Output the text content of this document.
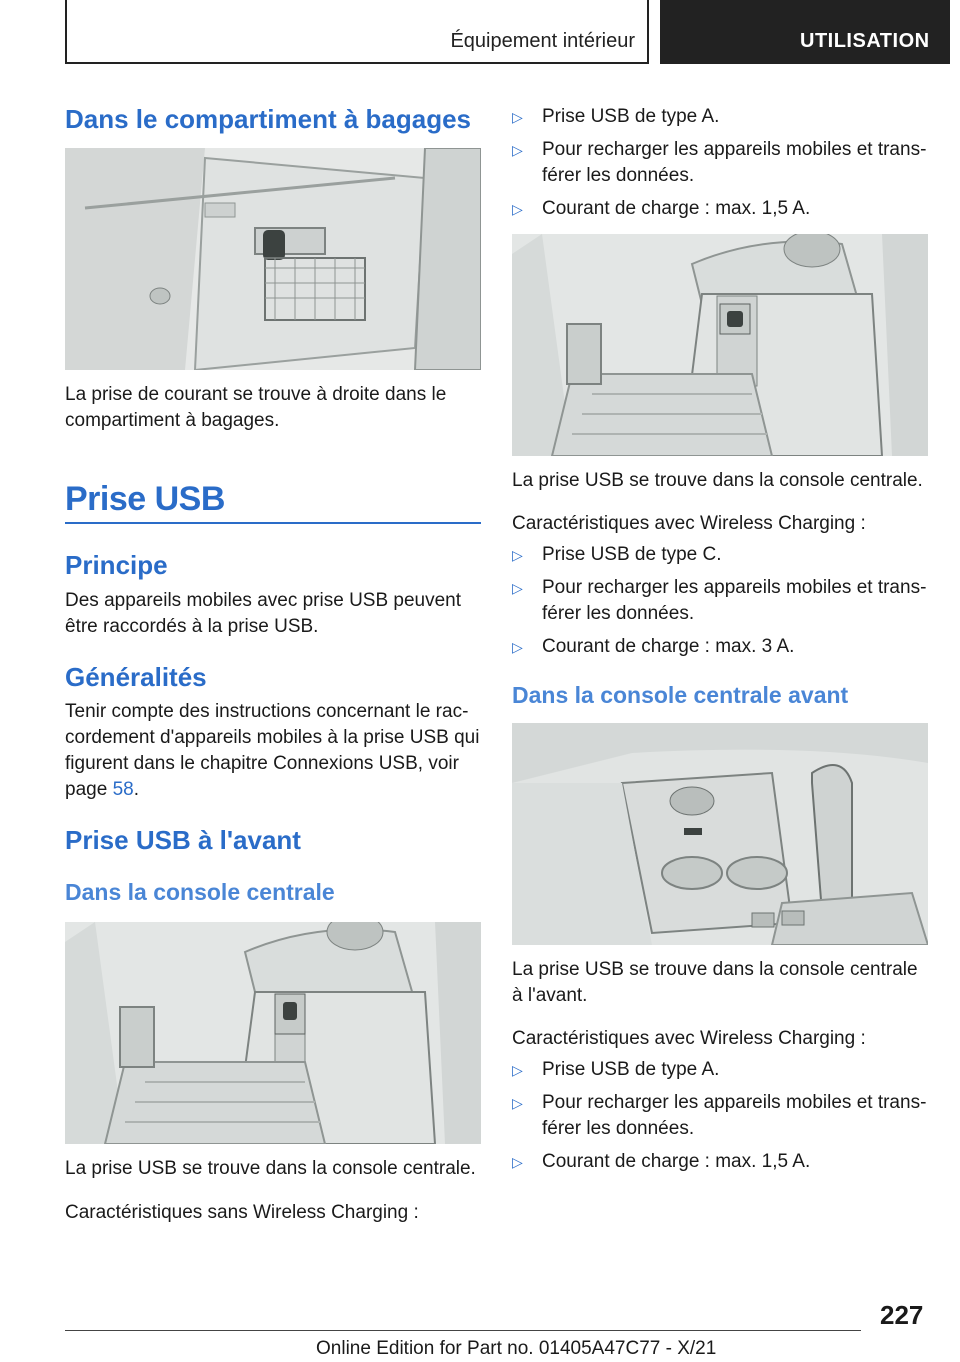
Équipement intérieur	UTILISATION
Dans le compartiment à bagages

La prise de courant se trouve à droite dans le compartiment à bagages.

Prise USB
Principe

Des appareils mobiles avec prise USB peuvent être raccordés à la prise USB.

Généralités

Tenir compte des instructions concernant le raccordement d'appareils mobiles à la prise USB qui figurent dans le chapitre Connexions USB, voir page 58.

Prise USB à l'avant
Dans la console centrale

La prise USB se trouve dans la console centrale.

Caractéristiques sans Wireless Charging :

▷ Prise USB de type A.
▷ Pour recharger les appareils mobiles et transférer les données.
▷ Courant de charge : max. 1,5 A.

La prise USB se trouve dans la console centrale.

Caractéristiques avec Wireless Charging :

▷ Prise USB de type C.
▷ Pour recharger les appareils mobiles et transférer les données.
▷ Courant de charge : max. 3 A.
Dans la console centrale avant

La prise USB se trouve dans la console centrale à l'avant.

Caractéristiques avec Wireless Charging :

▷ Prise USB de type A.
▷ Pour recharger les appareils mobiles et transférer les données.
▷ Courant de charge : max. 1,5 A.
227
Online Edition for Part no. 01405A47C77 - X/21
